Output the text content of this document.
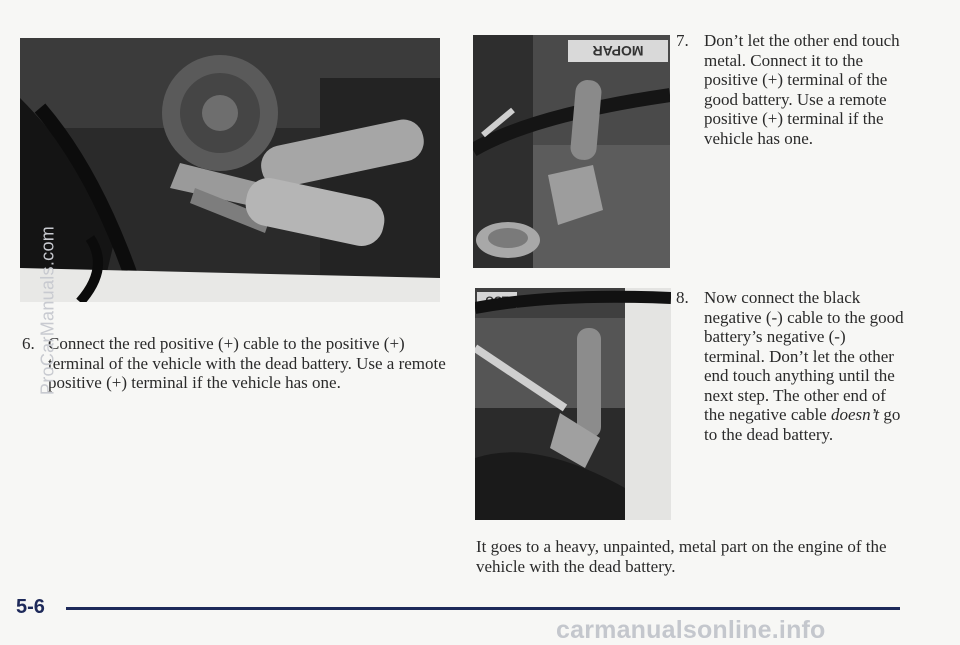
MOPAR
OCT
6. Connect the red positive (+) cable to the positive (+) terminal of the vehicle with the dead battery. Use a remote positive (+) terminal if the vehicle has one.
7. Don’t let the other end touch metal. Connect it to the positive (+) terminal of the good battery. Use a remote positive (+) terminal if the vehicle has one.
8. Now connect the black negative (-) cable to the good battery’s negative (-) terminal. Don’t let the other end touch anything until the next step. The other end of the negative cable doesn’t go to the dead battery.
It goes to a heavy, unpainted, metal part on the engine of the vehicle with the dead battery.
5-6
ProCarManuals.com
carmanualsonline.info
